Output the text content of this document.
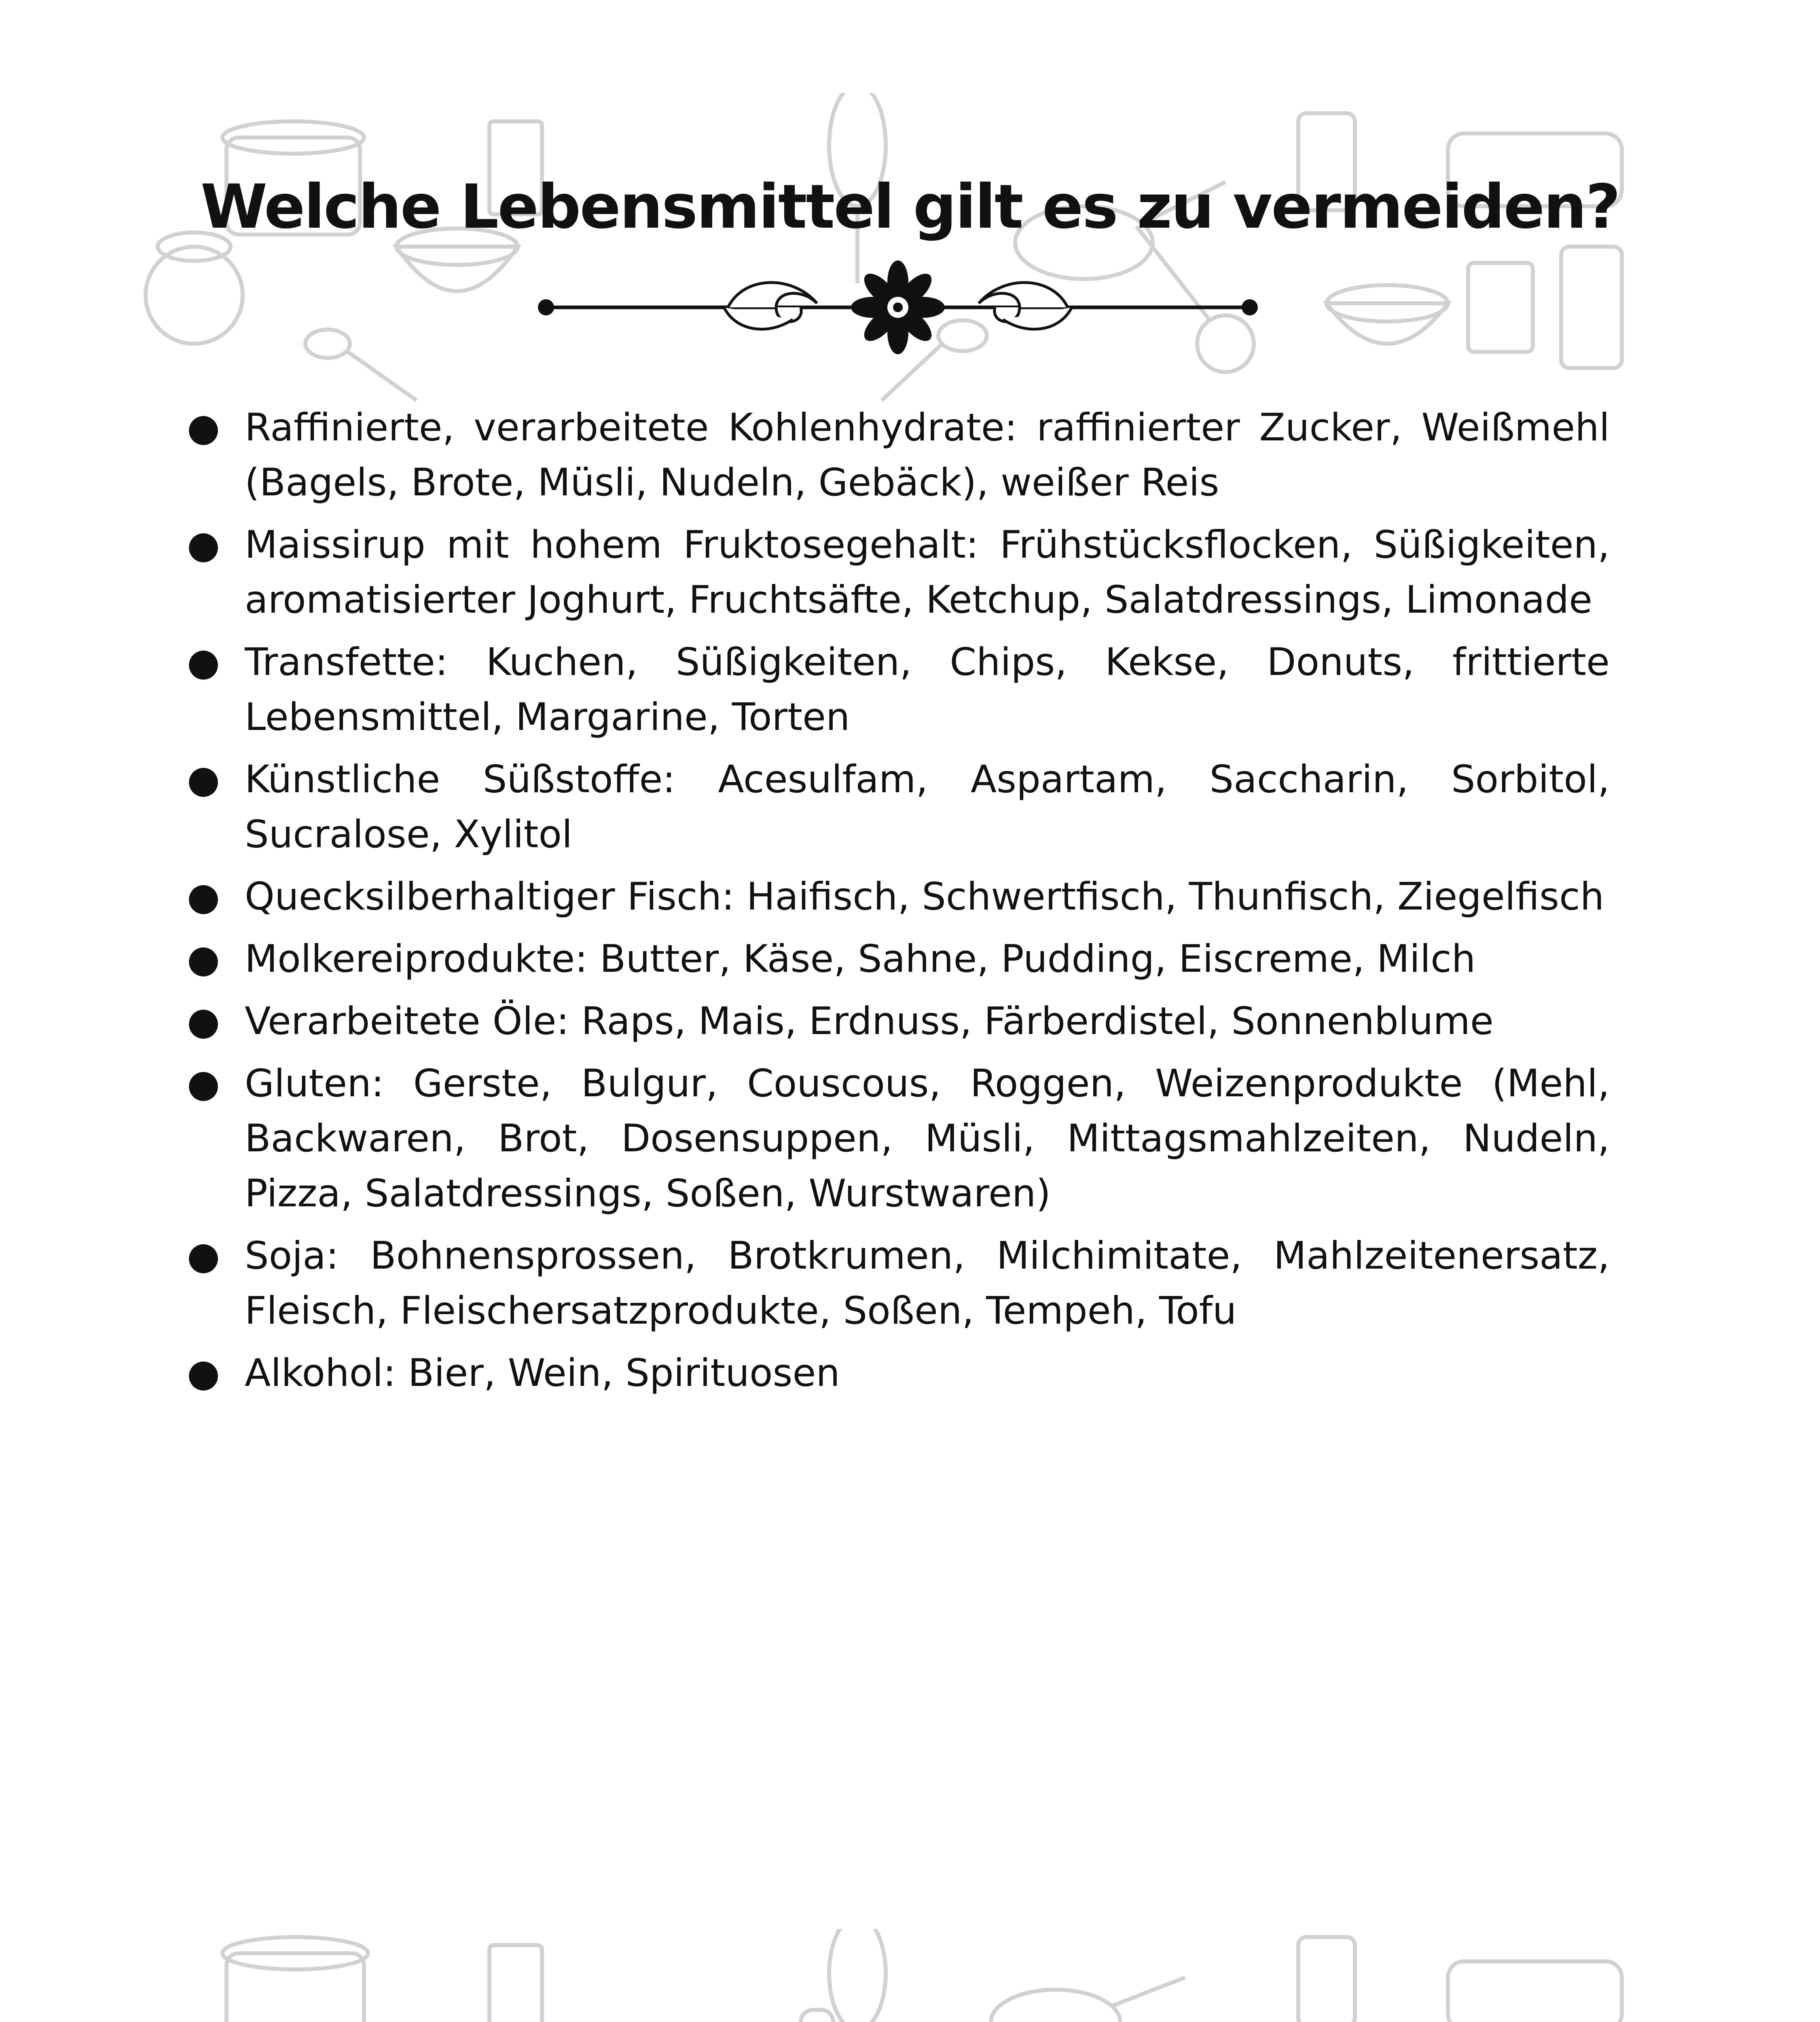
Welche Lebensmittel gilt es zu vermeiden?
● Raffinierte, verarbeitete Kohlenhydrate: raffinierter Zucker, Weißmehl (Bagels, Brote, Müsli, Nudeln, Gebäck), weißer Reis
● Maissirup mit hohem Fruktosegehalt: Frühstücksflocken, Süßigkeiten, aromatisierter Joghurt, Fruchtsäfte, Ketchup, Salatdressings, Limonade
● Transfette: Kuchen, Süßigkeiten, Chips, Kekse, Donuts, frittierte Lebensmittel, Margarine, Torten
● Künstliche Süßstoffe: Acesulfam, Aspartam, Saccharin, Sorbitol, Sucralose, Xylitol
● Quecksilberhaltiger Fisch: Haifisch, Schwertfisch, Thunfisch, Ziegelfisch
● Molkereiprodukte: Butter, Käse, Sahne, Pudding, Eiscreme, Milch
● Verarbeitete Öle: Raps, Mais, Erdnuss, Färberdistel, Sonnenblume
● Gluten: Gerste, Bulgur, Couscous, Roggen, Weizenprodukte (Mehl, Backwaren, Brot, Dosensuppen, Müsli, Mittagsmahlzeiten, Nudeln, Pizza, Salatdressings, Soßen, Wurstwaren)
● Soja: Bohnensprossen, Brotkrumen, Milchimitate, Mahlzeitenersatz, Fleisch, Fleischersatzprodukte, Soßen, Tempeh, Tofu
● Alkohol: Bier, Wein, Spirituosen
